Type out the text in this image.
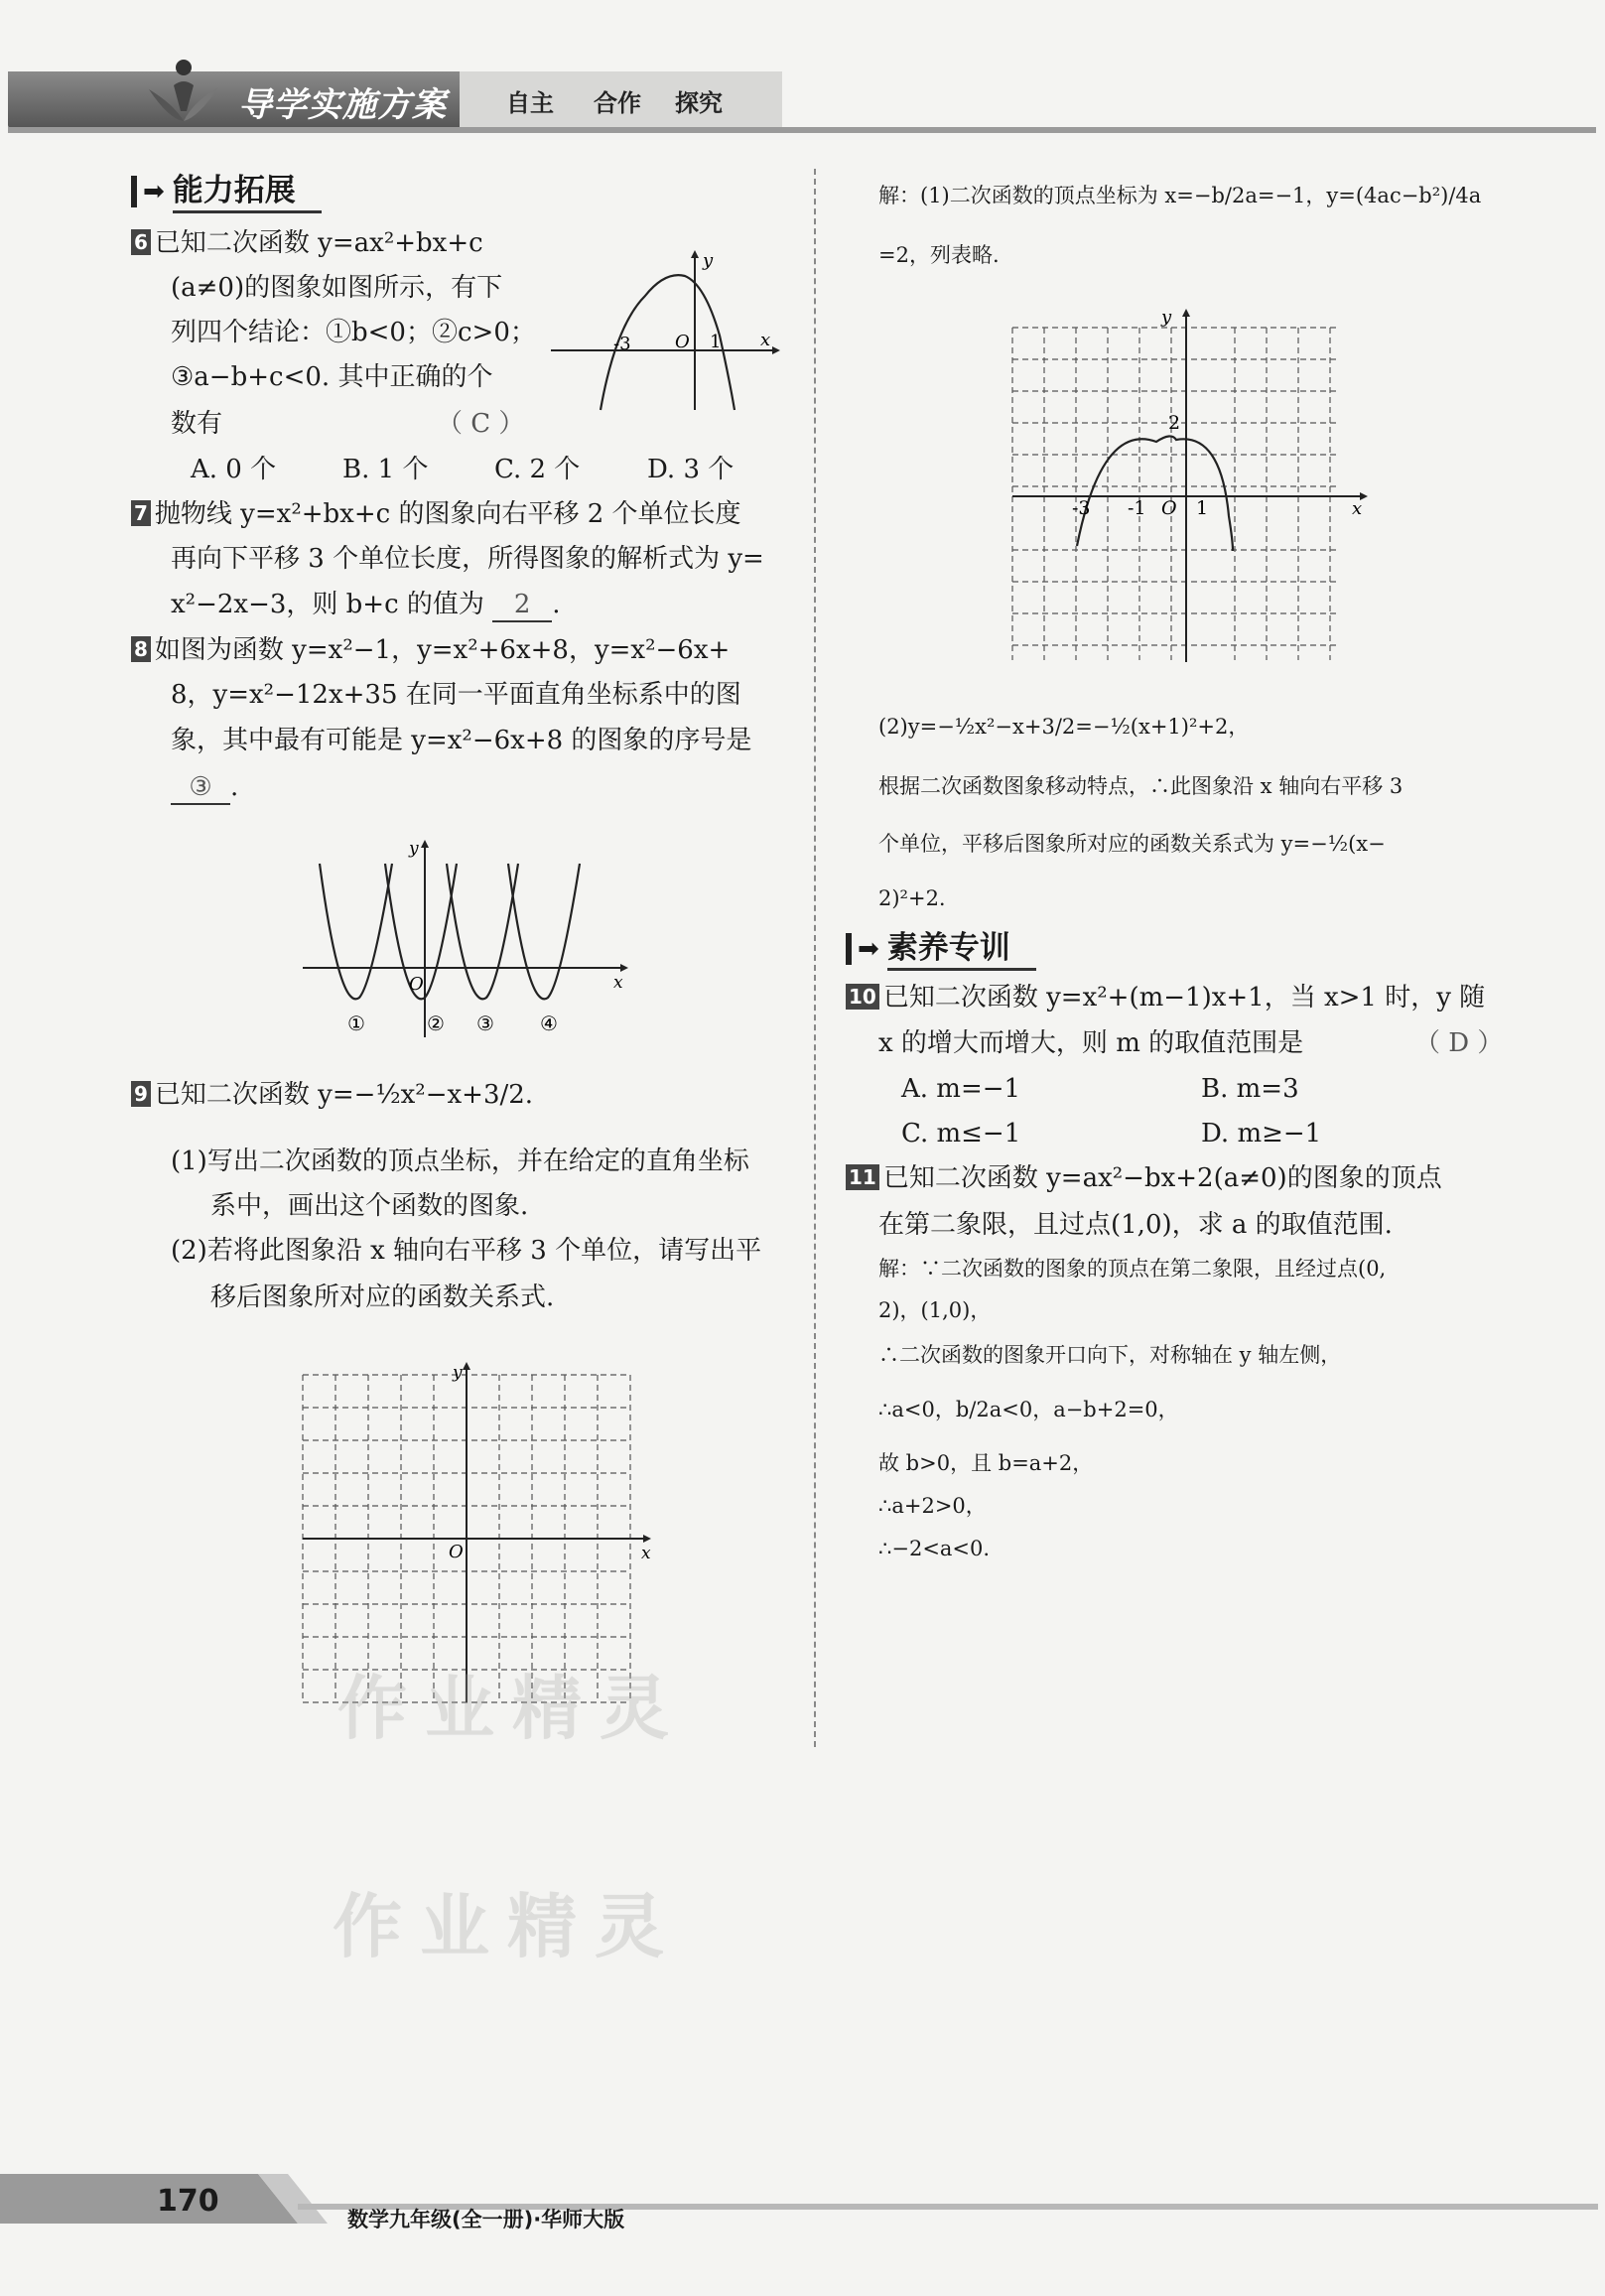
导学实施方案	自主 合作 探究
➡ 能力拓展
6 已知二次函数 y=ax²+bx+c
(a≠0)的图象如图所示，有下
列四个结论：①b<0；②c>0；
③a−b+c<0. 其中正确的个
数有	（ C ）
A. 0 个	B. 1 个	C. 2 个	D. 3 个
y
-3 O 1 x
7 抛物线 y=x²+bx+c 的图象向右平移 2 个单位长度
再向下平移 3 个单位长度，所得图象的解析式为 y=
x²−2x−3，则 b+c 的值为 2 .
8 如图为函数 y=x²−1，y=x²+6x+8，y=x²−6x+
8，y=x²−12x+35 在同一平面直角坐标系中的图
象，其中最有可能是 y=x²−6x+8 的图象的序号是
③ .
y
O	x
①	② ③ ④
9 已知二次函数 y=−½x²−x+3/2.
(1)写出二次函数的顶点坐标，并在给定的直角坐标
系中，画出这个函数的图象.
(2)若将此图象沿 x 轴向右平移 3 个单位，请写出平
移后图象所对应的函数关系式.
y
O	x
解：(1)二次函数的顶点坐标为 x=−b/2a=−1，y=(4ac−b²)/4a
=2，列表略.
y
2
-3 -1 O 1	x
(2)y=−½x²−x+3/2=−½(x+1)²+2，
根据二次函数图象移动特点，∴此图象沿 x 轴向右平移 3
个单位，平移后图象所对应的函数关系式为 y=−½(x−
2)²+2.
➡ 素养专训
10 已知二次函数 y=x²+(m−1)x+1，当 x>1 时，y 随
x 的增大而增大，则 m 的取值范围是	（ D ）
A. m=−1	B. m=3
C. m≤−1	D. m≥−1
11 已知二次函数 y=ax²−bx+2(a≠0)的图象的顶点
在第二象限，且过点(1,0)，求 a 的取值范围.
解：∵二次函数的图象的顶点在第二象限，且经过点(0,
2)，(1,0)，
∴二次函数的图象开口向下，对称轴在 y 轴左侧，
∴a<0，b/2a<0，a−b+2=0，
故 b>0，且 b=a+2，
∴a+2>0，
∴−2<a<0.
作业精灵
作业精灵
170
数学九年级(全一册)·华师大版
